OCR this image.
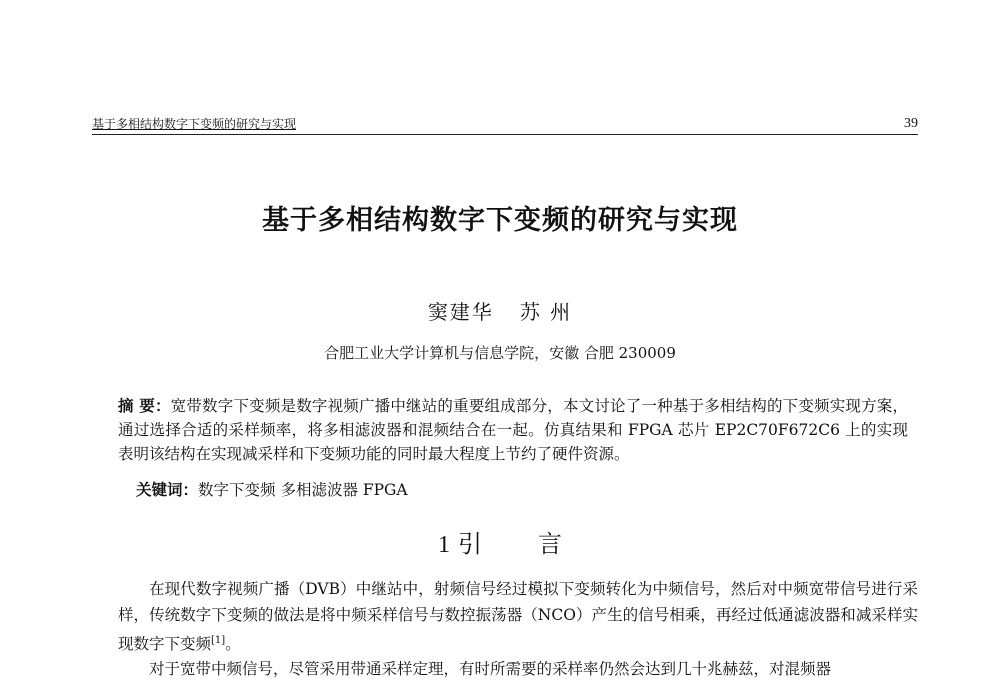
基于多相结构数字下变频的研究与实现	39
基于多相结构数字下变频的研究与实现
窦建华 苏 州
合肥工业大学计算机与信息学院，安徽 合肥 230009
摘 要：宽带数字下变频是数字视频广播中继站的重要组成部分，本文讨论了一种基于多相结构的下变频实现方案，通过选择合适的采样频率，将多相滤波器和混频结合在一起。仿真结果和 FPGA 芯片 EP2C70F672C6 上的实现表明该结构在实现减采样和下变频功能的同时最大程度上节约了硬件资源。
关键词：数字下变频 多相滤波器 FPGA
1 引 言
在现代数字视频广播（DVB）中继站中，射频信号经过模拟下变频转化为中频信号，然后对中频宽带信号进行采样，传统数字下变频的做法是将中频采样信号与数控振荡器（NCO）产生的信号相乘，再经过低通滤波器和减采样实现数字下变频[1]。
对于宽带中频信号，尽管采用带通采样定理，有时所需要的采样率仍然会达到几十兆赫兹，对混频器
